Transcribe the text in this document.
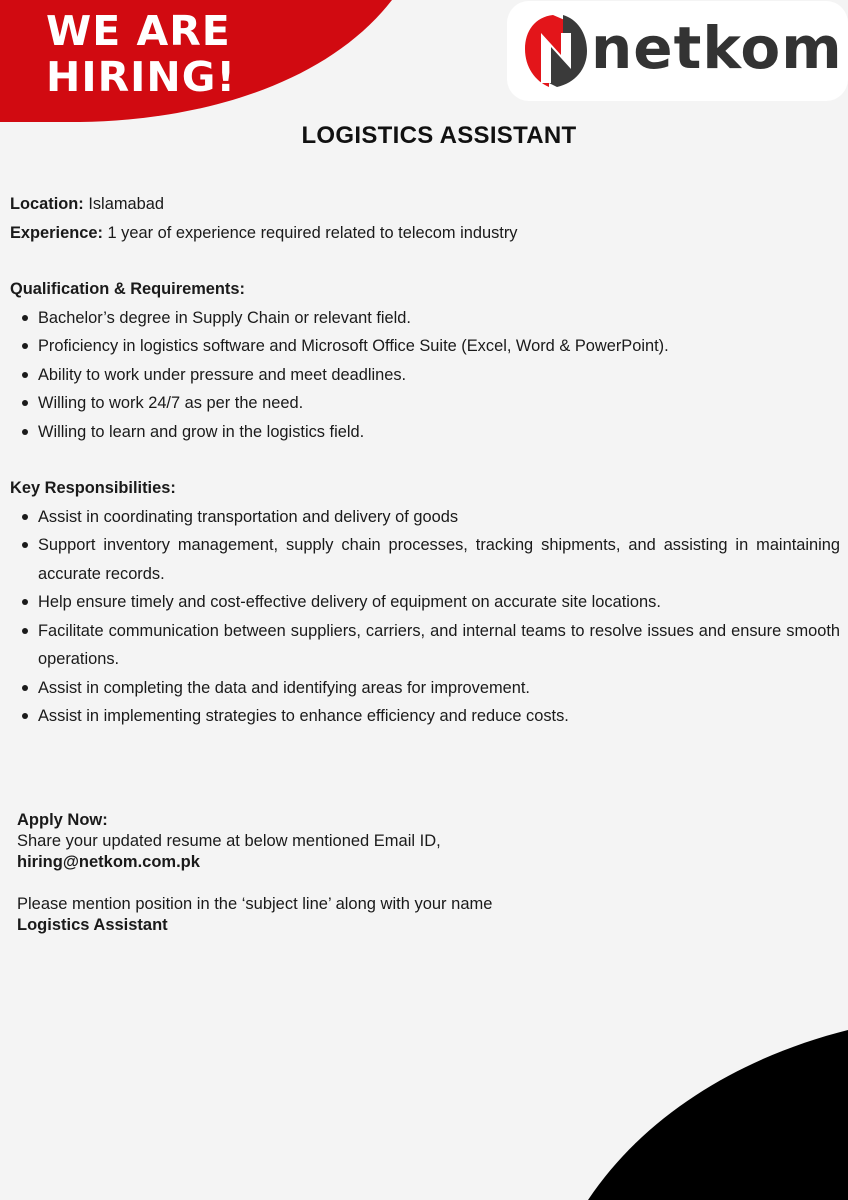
WE ARE
HIRING!	netkom
LOGISTICS ASSISTANT
Location: Islamabad
Experience: 1 year of experience required related to telecom industry
Qualification & Requirements:
Bachelor’s degree in Supply Chain or relevant field.
Proficiency in logistics software and Microsoft Office Suite (Excel, Word & PowerPoint).
Ability to work under pressure and meet deadlines.
Willing to work 24/7 as per the need.
Willing to learn and grow in the logistics field.
Key Responsibilities:
Assist in coordinating transportation and delivery of goods
Support inventory management, supply chain processes, tracking shipments, and assisting in maintaining accurate records.
Help ensure timely and cost-effective delivery of equipment on accurate site locations.
Facilitate communication between suppliers, carriers, and internal teams to resolve issues and ensure smooth operations.
Assist in completing the data and identifying areas for improvement.
Assist in implementing strategies to enhance efficiency and reduce costs.
Apply Now:
Share your updated resume at below mentioned Email ID,
hiring@netkom.com.pk
Please mention position in the ‘subject line’ along with your name
Logistics Assistant
